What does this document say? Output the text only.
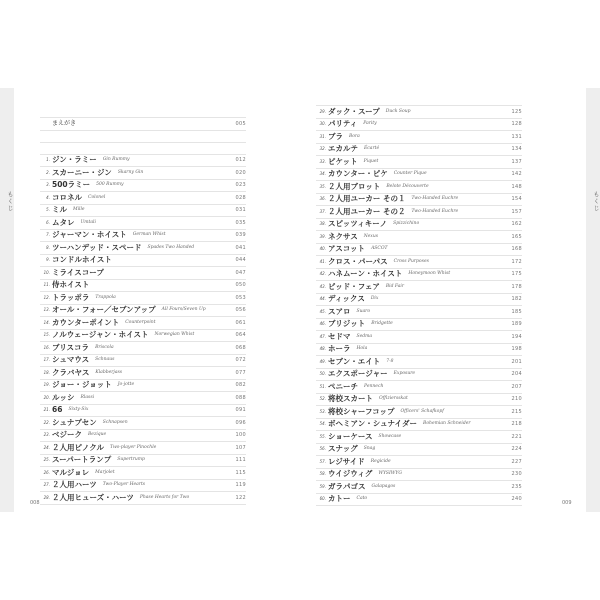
もくじ	もくじ
まえがき	005
1. ジン・ラミー Gin Rummy	012
2. スカーニー・ジン Skarny Gin	020
3. 500ラミー 500 Rummy	023
4. コロネル Colonel	028
5. ミル Mille	031
6. ムタレ Umtali	035
7. ジャーマン・ホイスト German Whist	039
8. ツーハンデッド・スペード Spades Two Handed	041
9. コンドルホイスト	044
10. ミライスコープ	047
11. 侍ホイスト	050
12. トラッポラ Trappola	053
13. オール・フォー／セブンアップ All Fours/Seven Up	056
14. カウンターポイント Counterpoint	061
15. ノルウェージャン・ホイスト Norwegian Whist	064
16. ブリスコラ Briscola	068
17. シュマウス Schnaus	072
18. クラバヤス Klabberjass	077
19. ジョー・ジョット Jo-jotte	082
20. ルッシ Rlassi	088
21. 66 Sixty-Six	091
22. シュナプセン Schnapsen	096
23. ベジーク Bezique	100
24. ２人用ピノクル Two-player Pinochle	107
25. スーパートランプ Supertrump	111
26. マルジョレ Marjolet	115
27. ２人用ハーツ Two-Player Hearts	119
28. ２人用ヒューズ・ハーツ Phase Hearts for Two	122
008
29. ダック・スープ Duck Soup	125
30. パリティ Parity	128
31. ブラ Bora	131
32. エカルテ Écarté	134
33. ピケット Piquet	137
34. カウンター・ピケ Counter Pique	142
35. ２人用ブロット Belote Découverte	148
36. ２人用ユーカー その１ Two-Handed Euchre	154
37. ２人用ユーカー その２ Two-Handed Euchre	157
38. スピッツィキーノ Spizzichino	162
39. ネクサス Nexus	165
40. アスコット ASCOT	168
41. クロス・パーパス Cross Purposes	172
42. ハネムーン・ホイスト Honeymoon Whist	175
43. ビッド・フェア Bid Fair	178
44. ディックス Dix	182
45. スアロ Suaro	185
46. ブリジット Bridgette	189
47. セドマ Sedma	194
48. ホーラ Hola	198
49. セブン・エイト 7-8	201
50. エクスポージャー Exposure	204
51. ペニーチ Pennech	207
52. 将校スカート Offiziersskat	210
53. 将校シャーフコップ Officers' Schafkopf	215
54. ボヘミアン・シュナイダー Bohemian Schneider	218
55. ショーケース Showcase	221
56. スナッグ Snag	224
57. レジサイド Regicide	227
58. ウイジウィグ WYSIWYG	230
59. ガラパゴス Galapagos	235
60. カトー Cato	240
009
